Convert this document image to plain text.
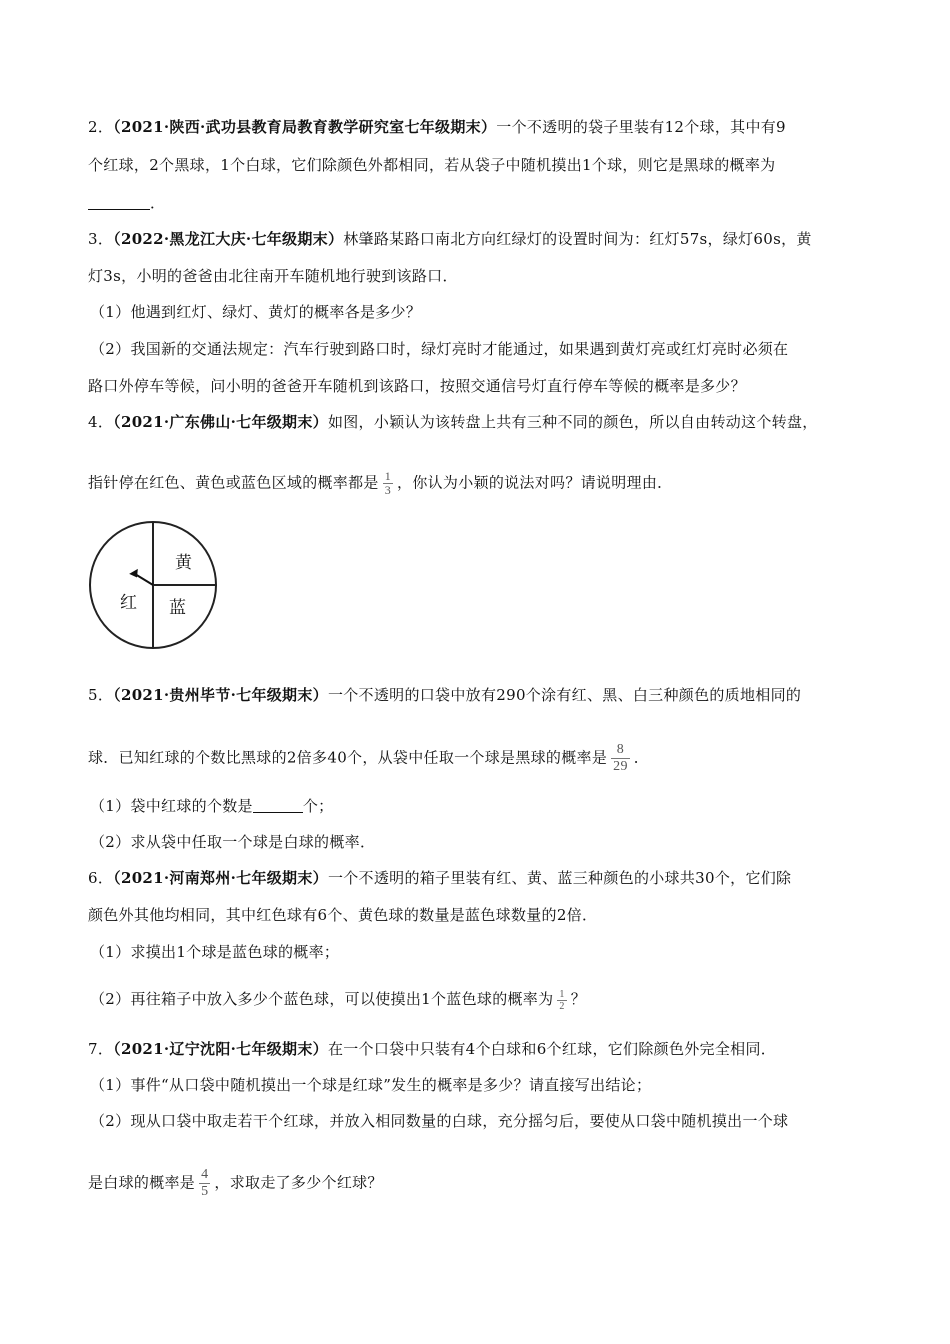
2．（2021·陕西·武功县教育局教育教学研究室七年级期末）一个不透明的袋子里装有12个球，其中有9
个红球，2个黑球，1个白球，它们除颜色外都相同，若从袋子中随机摸出1个球，则它是黑球的概率为
．
3．（2022·黑龙江大庆·七年级期末）林肇路某路口南北方向红绿灯的设置时间为：红灯57s，绿灯60s，黄
灯3s，小明的爸爸由北往南开车随机地行驶到该路口．
（1）他遇到红灯、绿灯、黄灯的概率各是多少？
（2）我国新的交通法规定：汽车行驶到路口时，绿灯亮时才能通过，如果遇到黄灯亮或红灯亮时必须在
路口外停车等候，问小明的爸爸开车随机到该路口，按照交通信号灯直行停车等候的概率是多少？
4．（2021·广东佛山·七年级期末）如图，小颖认为该转盘上共有三种不同的颜色，所以自由转动这个转盘，
指针停在红色、黄色或蓝色区域的概率都是 $\frac{1}{3}$ ，你认为小颖的说法对吗？请说明理由．
黄
蓝
红
5．（2021·贵州毕节·七年级期末）一个不透明的口袋中放有290个涂有红、黑、白三种颜色的质地相同的
球．已知红球的个数比黑球的2倍多40个，从袋中任取一个球是黑球的概率是 $\frac{8}{29}$ ．
（1）袋中红球的个数是	个；
（2）求从袋中任取一个球是白球的概率．
6．（2021·河南郑州·七年级期末）一个不透明的箱子里装有红、黄、蓝三种颜色的小球共30个，它们除
颜色外其他均相同，其中红色球有6个、黄色球的数量是蓝色球数量的2倍．
（1）求摸出1个球是蓝色球的概率；
（2）再往箱子中放入多少个蓝色球，可以使摸出1个蓝色球的概率为 $\frac{1}{2}$ ？
7．（2021·辽宁沈阳·七年级期末）在一个口袋中只装有4个白球和6个红球，它们除颜色外完全相同．
（1）事件“从口袋中随机摸出一个球是红球”发生的概率是多少？请直接写出结论；
（2）现从口袋中取走若干个红球，并放入相同数量的白球，充分摇匀后，要使从口袋中随机摸出一个球
是白球的概率是 $\frac{4}{5}$ ，求取走了多少个红球？
